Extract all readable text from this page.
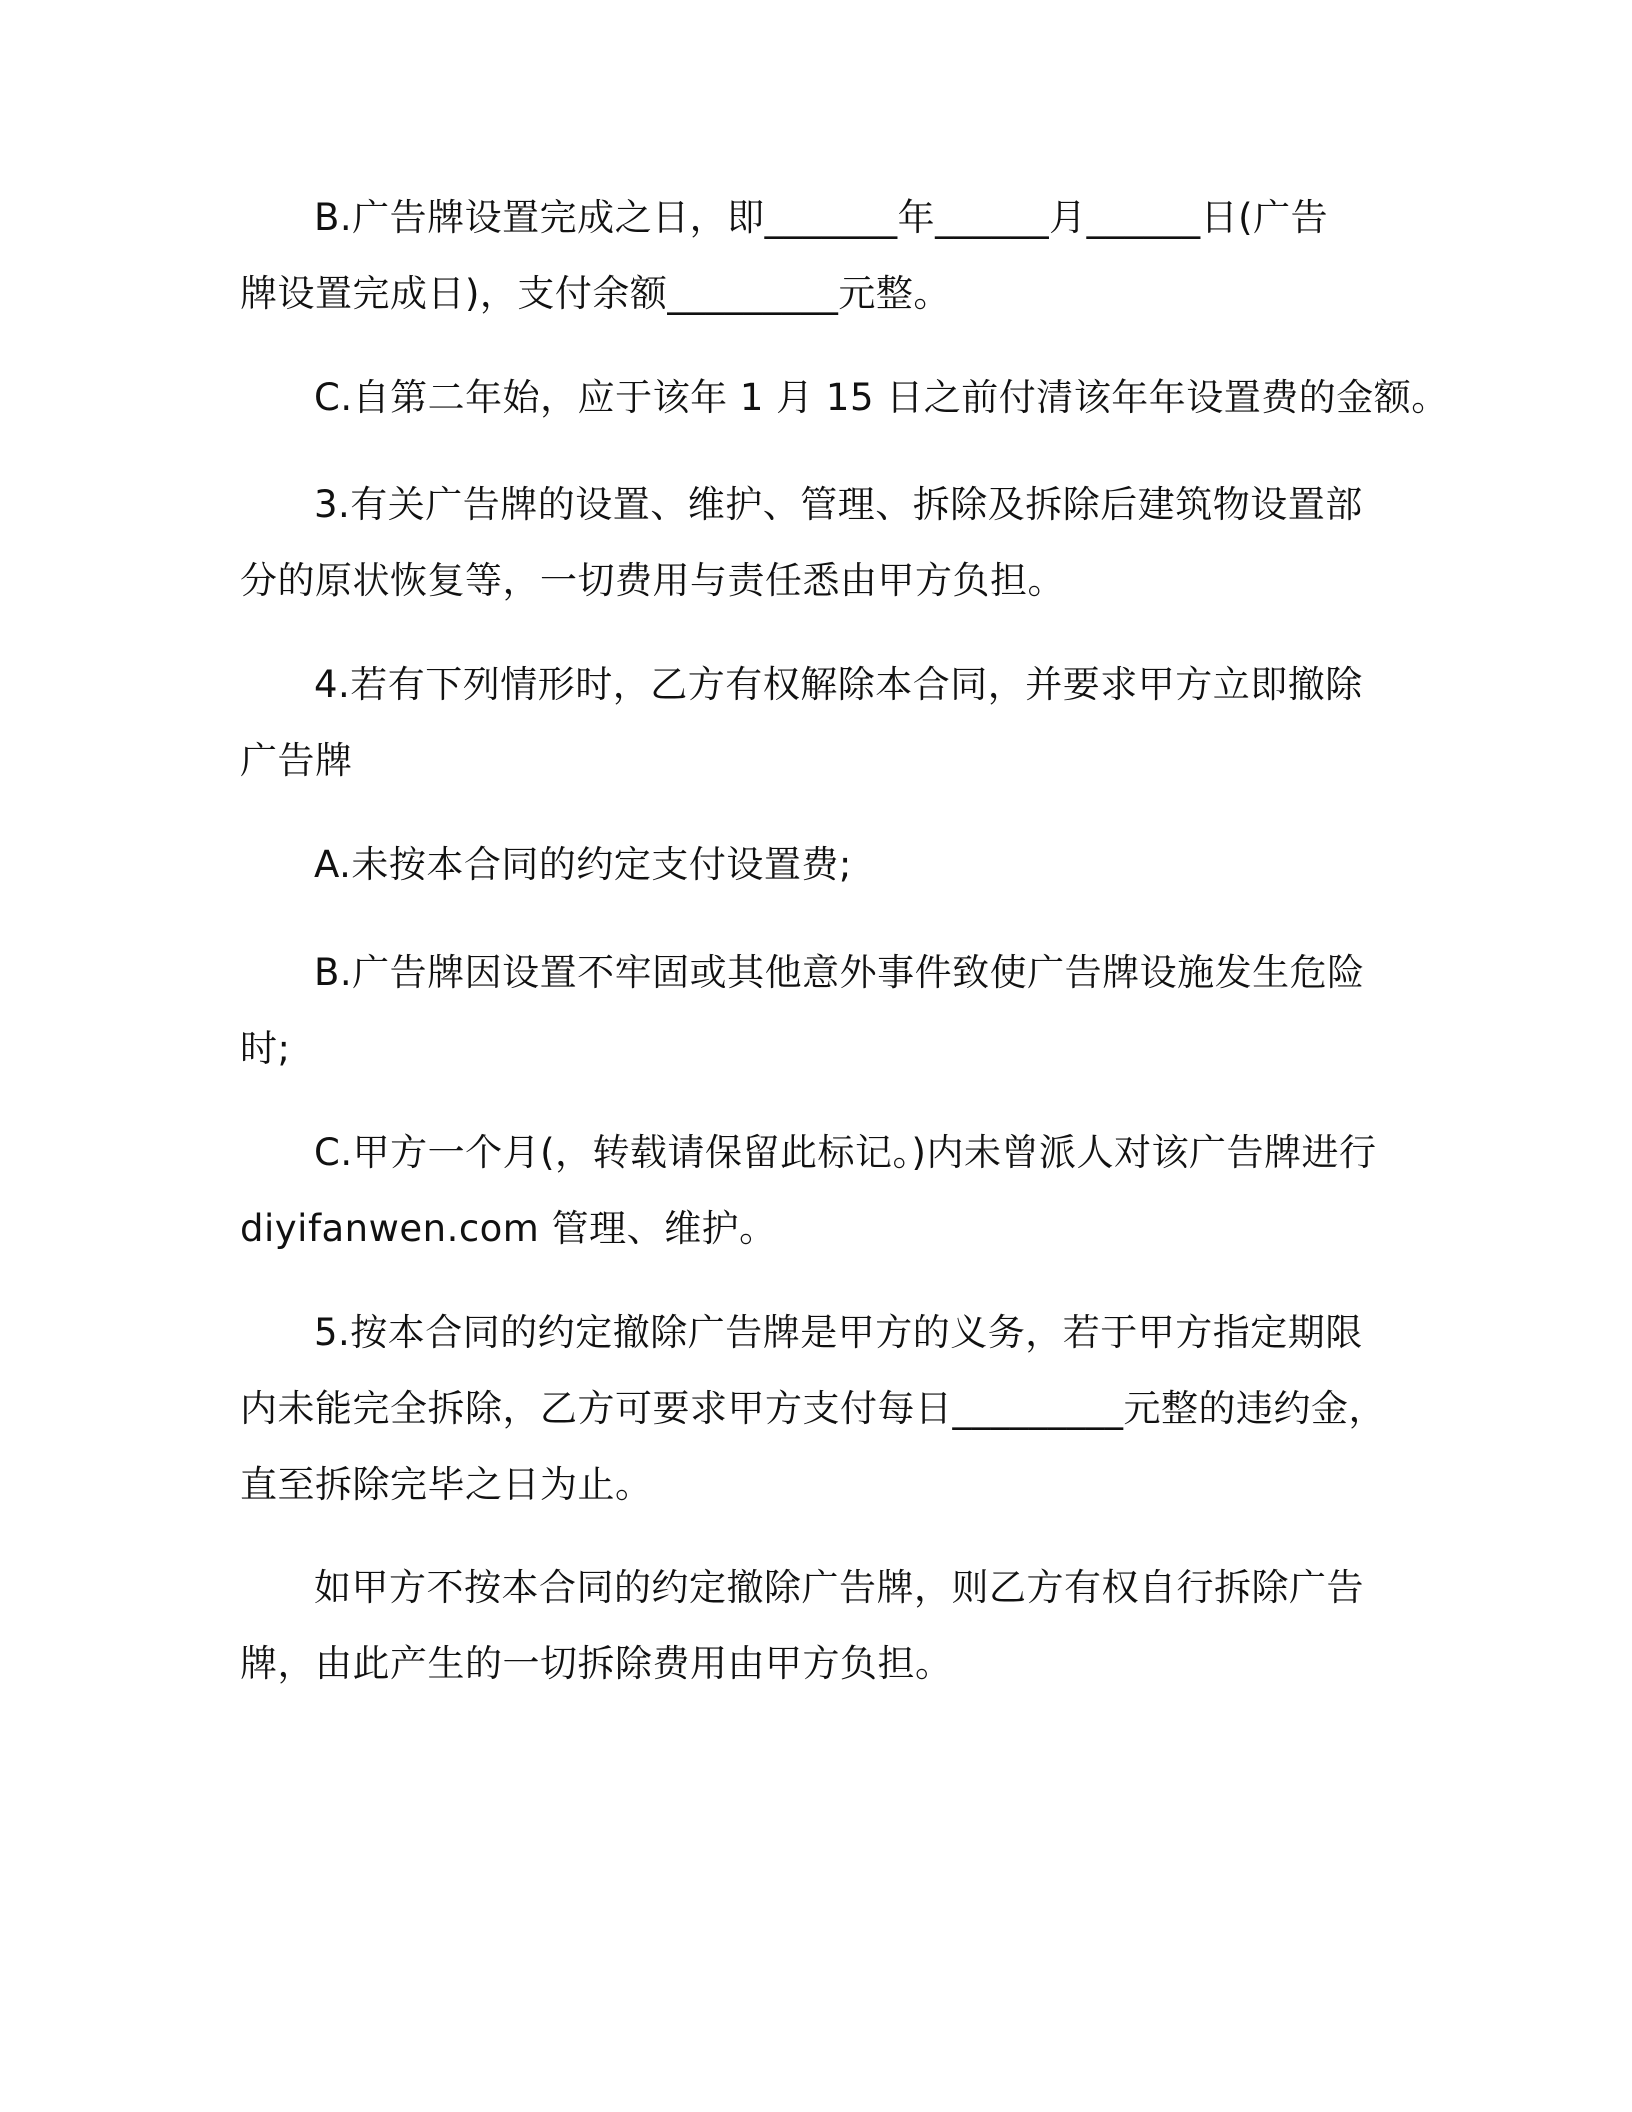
B.广告牌设置完成之日，即_______年______月______日(广告
牌设置完成日)，支付余额_________元整。
C.自第二年始，应于该年 1 月 15 日之前付清该年年设置费的金额。
3.有关广告牌的设置、维护、管理、拆除及拆除后建筑物设置部
分的原状恢复等，一切费用与责任悉由甲方负担。
4.若有下列情形时，乙方有权解除本合同，并要求甲方立即撤除
广告牌
A.未按本合同的约定支付设置费;
B.广告牌因设置不牢固或其他意外事件致使广告牌设施发生危险
时;
C.甲方一个月(，转载请保留此标记。)内未曾派人对该广告牌进行
diyifanwen.com 管理、维护。
5.按本合同的约定撤除广告牌是甲方的义务，若于甲方指定期限
内未能完全拆除，乙方可要求甲方支付每日_________元整的违约金，
直至拆除完毕之日为止。
如甲方不按本合同的约定撤除广告牌，则乙方有权自行拆除广告
牌，由此产生的一切拆除费用由甲方负担。
